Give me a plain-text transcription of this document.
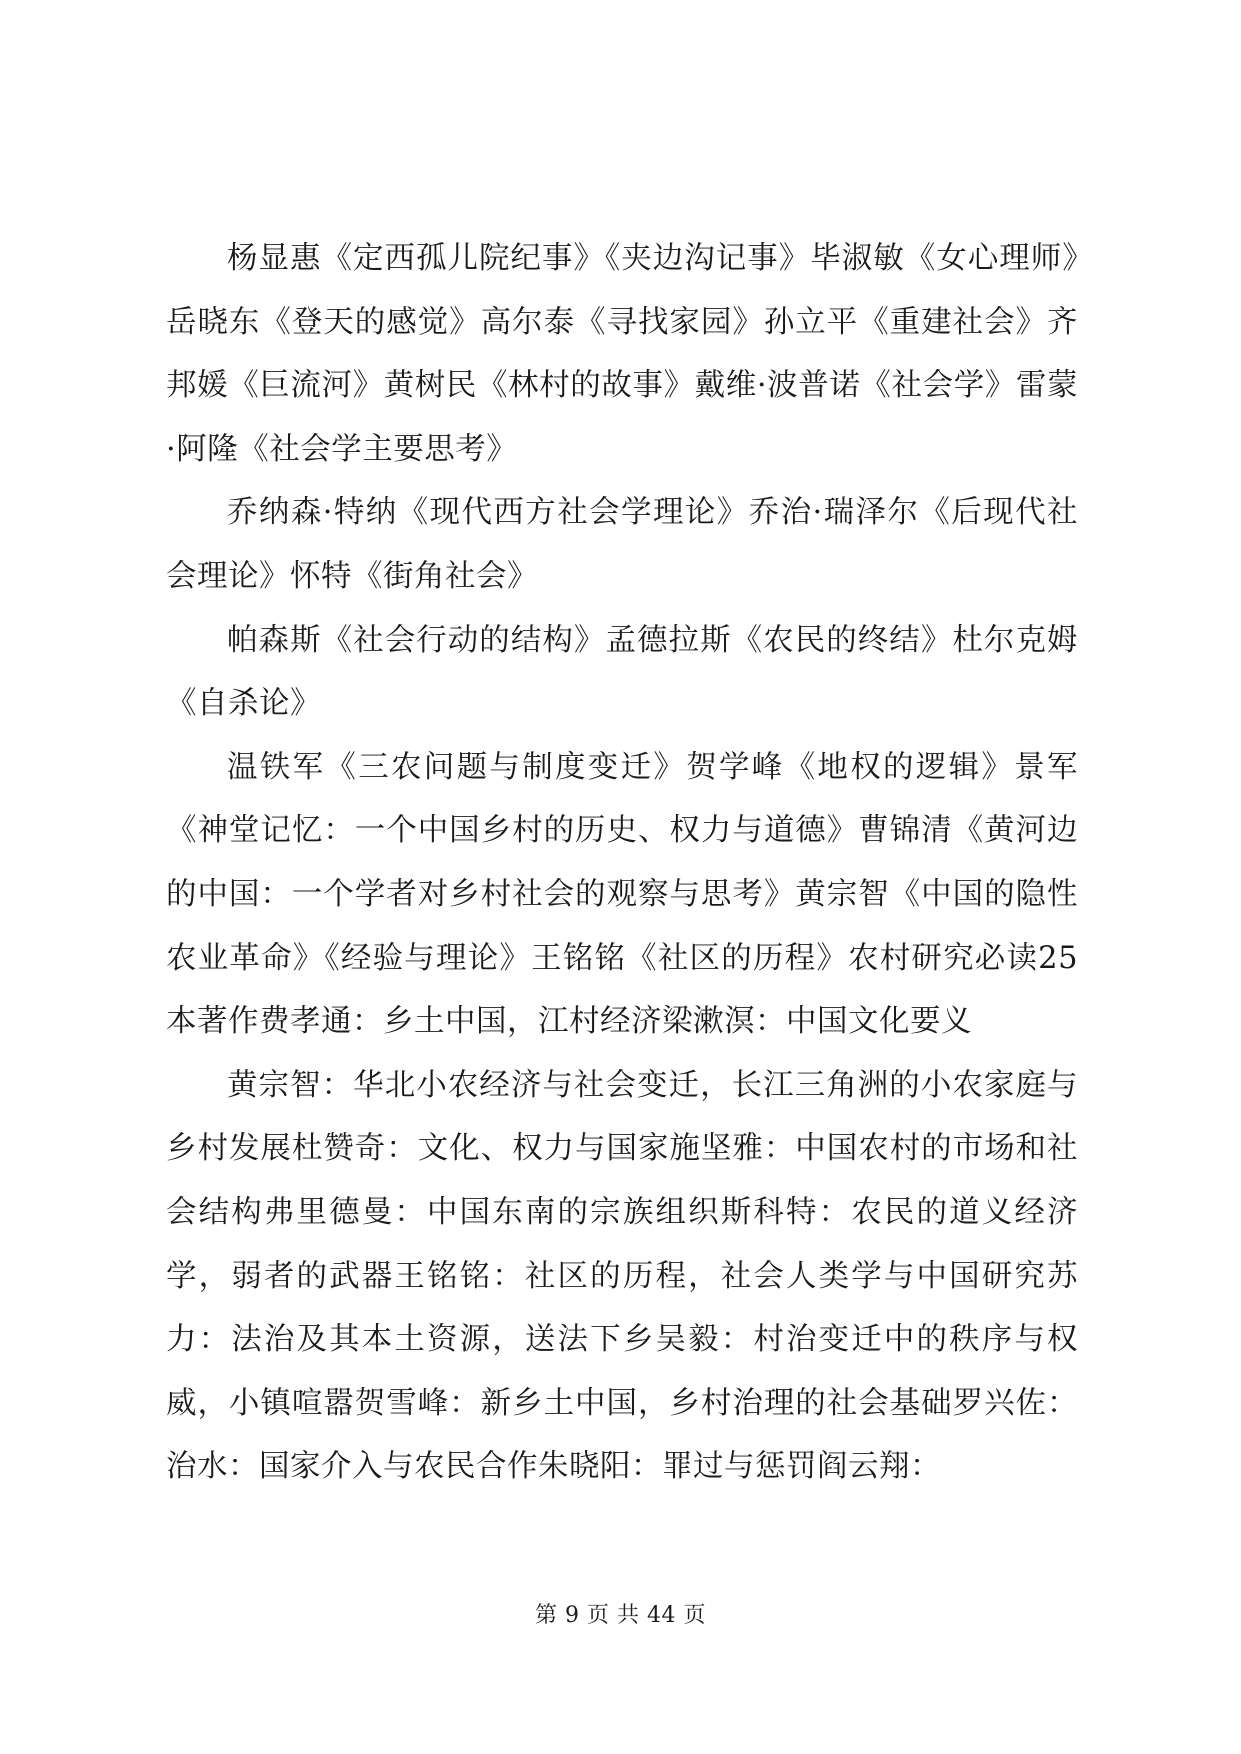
杨显惠《定西孤儿院纪事》《夹边沟记事》毕淑敏《女心理师》岳晓东《登天的感觉》高尔泰《寻找家园》孙立平《重建社会》齐邦媛《巨流河》黄树民《林村的故事》戴维·波普诺《社会学》雷蒙·阿隆《社会学主要思考》

乔纳森·特纳《现代西方社会学理论》乔治·瑞泽尔《后现代社会理论》怀特《街角社会》

帕森斯《社会行动的结构》孟德拉斯《农民的终结》杜尔克姆《自杀论》

温铁军《三农问题与制度变迁》贺学峰《地权的逻辑》景军《神堂记忆：一个中国乡村的历史、权力与道德》曹锦清《黄河边的中国：一个学者对乡村社会的观察与思考》黄宗智《中国的隐性农业革命》《经验与理论》王铭铭《社区的历程》农村研究必读25本著作费孝通：乡土中国，江村经济梁漱溟：中国文化要义

黄宗智：华北小农经济与社会变迁，长江三角洲的小农家庭与乡村发展杜赞奇：文化、权力与国家施坚雅：中国农村的市场和社会结构弗里德曼：中国东南的宗族组织斯科特：农民的道义经济学，弱者的武器王铭铭：社区的历程，社会人类学与中国研究苏力：法治及其本土资源，送法下乡吴毅：村治变迁中的秩序与权威，小镇喧嚣贺雪峰：新乡土中国，乡村治理的社会基础罗兴佐：治水：国家介入与农民合作朱晓阳：罪过与惩罚阎云翔：

第 9 页 共 44 页
